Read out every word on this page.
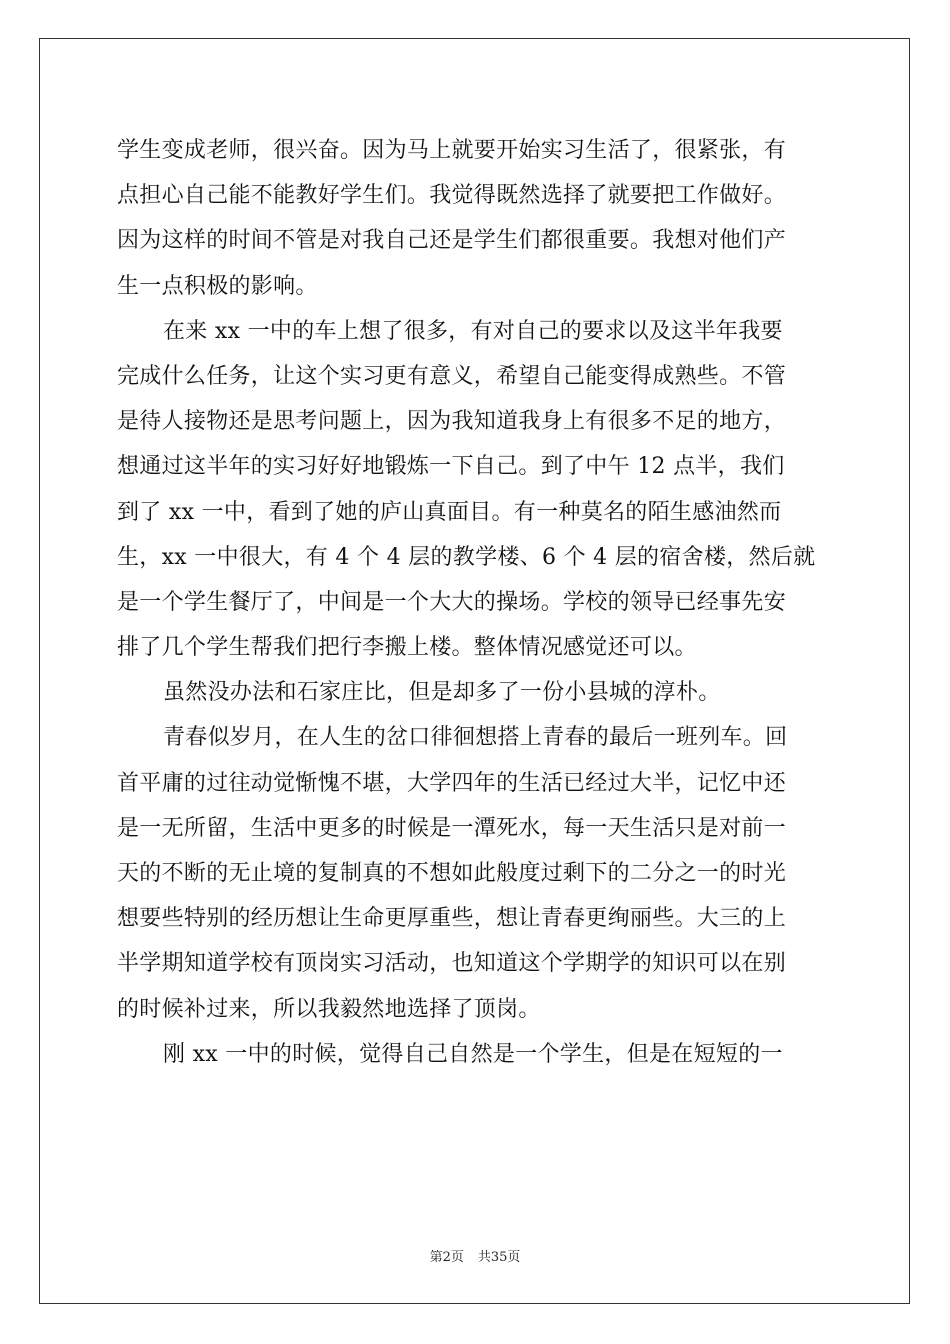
学生变成老师，很兴奋。因为马上就要开始实习生活了，很紧张，有
点担心自己能不能教好学生们。我觉得既然选择了就要把工作做好。
因为这样的时间不管是对我自己还是学生们都很重要。我想对他们产
生一点积极的影响。
在来 xx 一中的车上想了很多，有对自己的要求以及这半年我要
完成什么任务，让这个实习更有意义，希望自己能变得成熟些。不管
是待人接物还是思考问题上，因为我知道我身上有很多不足的地方，
想通过这半年的实习好好地锻炼一下自己。到了中午 12 点半，我们
到了 xx 一中，看到了她的庐山真面目。有一种莫名的陌生感油然而
生，xx 一中很大，有 4 个 4 层的教学楼、6 个 4 层的宿舍楼，然后就
是一个学生餐厅了，中间是一个大大的操场。学校的领导已经事先安
排了几个学生帮我们把行李搬上楼。整体情况感觉还可以。
虽然没办法和石家庄比，但是却多了一份小县城的淳朴。
青春似岁月，在人生的岔口徘徊想搭上青春的最后一班列车。回
首平庸的过往动觉惭愧不堪，大学四年的生活已经过大半，记忆中还
是一无所留，生活中更多的时候是一潭死水，每一天生活只是对前一
天的不断的无止境的复制真的不想如此般度过剩下的二分之一的时光
想要些特别的经历想让生命更厚重些，想让青春更绚丽些。大三的上
半学期知道学校有顶岗实习活动，也知道这个学期学的知识可以在别
的时候补过来，所以我毅然地选择了顶岗。
刚 xx 一中的时候，觉得自己自然是一个学生，但是在短短的一
第2页 共35页
